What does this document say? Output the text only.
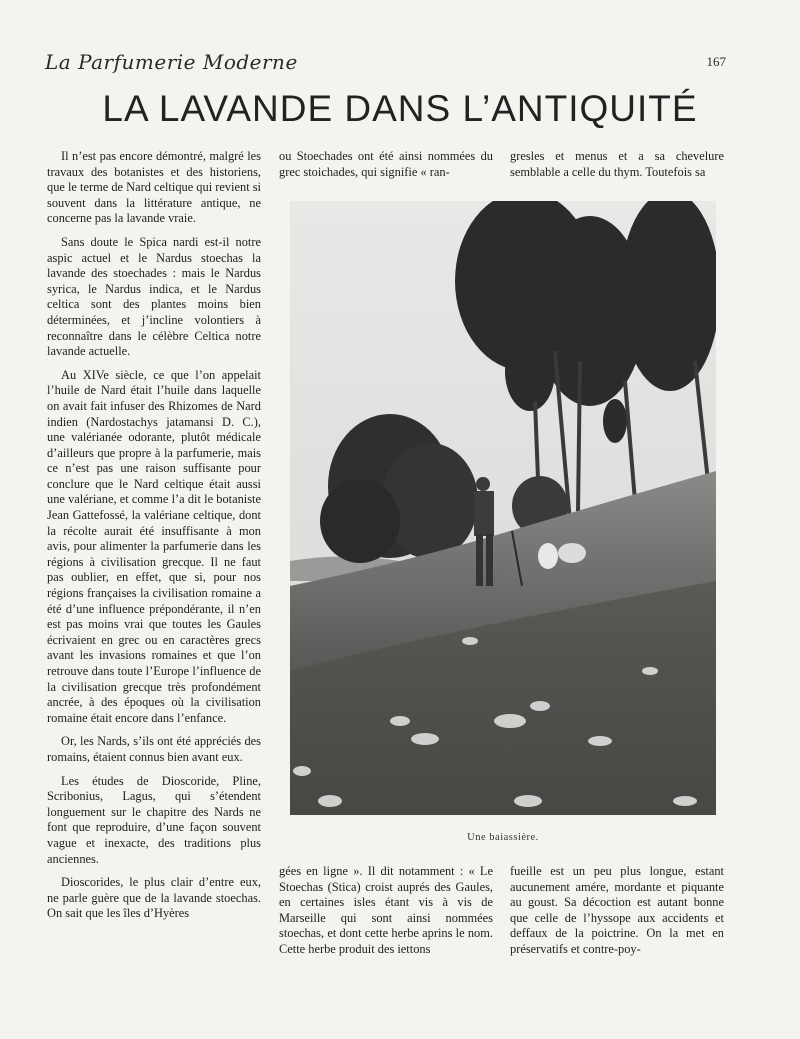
La Parfumerie Moderne	167
LA LAVANDE DANS L’ANTIQUITÉ

Il n’est pas encore démontré, malgré les travaux des botanistes et des historiens, que le terme de Nard celtique qui revient si souvent dans la littérature antique, ne concerne pas la lavande vraie.

Sans doute le Spica nardi est-il notre aspic actuel et le Nardus stoechas la lavande des stoechades : mais le Nardus syrica, le Nardus indica, et le Nardus celtica sont des plantes moins bien déterminées, et j’incline volontiers à reconnaître dans le célèbre Celtica notre lavande actuelle.

Au XIVe siècle, ce que l’on appelait l’huile de Nard était l’huile dans laquelle on avait fait infuser des Rhizomes de Nard indien (Nardostachys jatamansi D. C.), une valérianée odorante, plutôt médicale d’ailleurs que propre à la parfumerie, mais ce n’est pas une raison suffisante pour conclure que le Nard celtique était aussi une valériane, et comme l’a dit le botaniste Jean Gattefossé, la valériane celtique, dont la récolte aurait été insuffisante à mon avis, pour alimenter la parfumerie dans les régions à civilisation grecque. Il ne faut pas oublier, en effet, que si, pour nos régions françaises la civilisation romaine a été d’une influence prépondérante, il n’en est pas moins vrai que toutes les Gaules écrivaient en grec ou en caractères grecs avant les invasions romaines et que l’on retrouve dans toute l’Europe l’influence de la civilisation grecque très profondément ancrée, à des époques où la civilisation romaine était encore dans l’enfance.

Or, les Nards, s’ils ont été appréciés des romains, étaient connus bien avant eux.

Les études de Dioscoride, Pline, Scribonius, Lagus, qui s’étendent longuement sur le chapitre des Nards ne font que reproduire, d’une façon souvent vague et inexacte, des traditions plus anciennes.

Dioscorides, le plus clair d’entre eux, ne parle guère que de la lavande stoechas. On sait que les îles d’Hyères

ou Stoechades ont été ainsi nommées du grec stoichades, qui signifie « ran-

gresles et menus et a sa chevelure semblable a celle du thym. Toutefois sa

Une baiassière.

gées en ligne ». Il dit notamment : « Le Stoechas (Stica) croist auprés des Gaules, en certaines isles étant vis à vis de Marseille qui sont ainsi nommées stoechas, et dont cette herbe aprins le nom. Cette herbe produit des iettons

fueille est un peu plus longue, estant aucunement amére, mordante et piquante au goust. Sa décoction est autant bonne que celle de l’hyssope aux accidents et deffaux de la poictrine. On la met en préservatifs et contre-poy-
